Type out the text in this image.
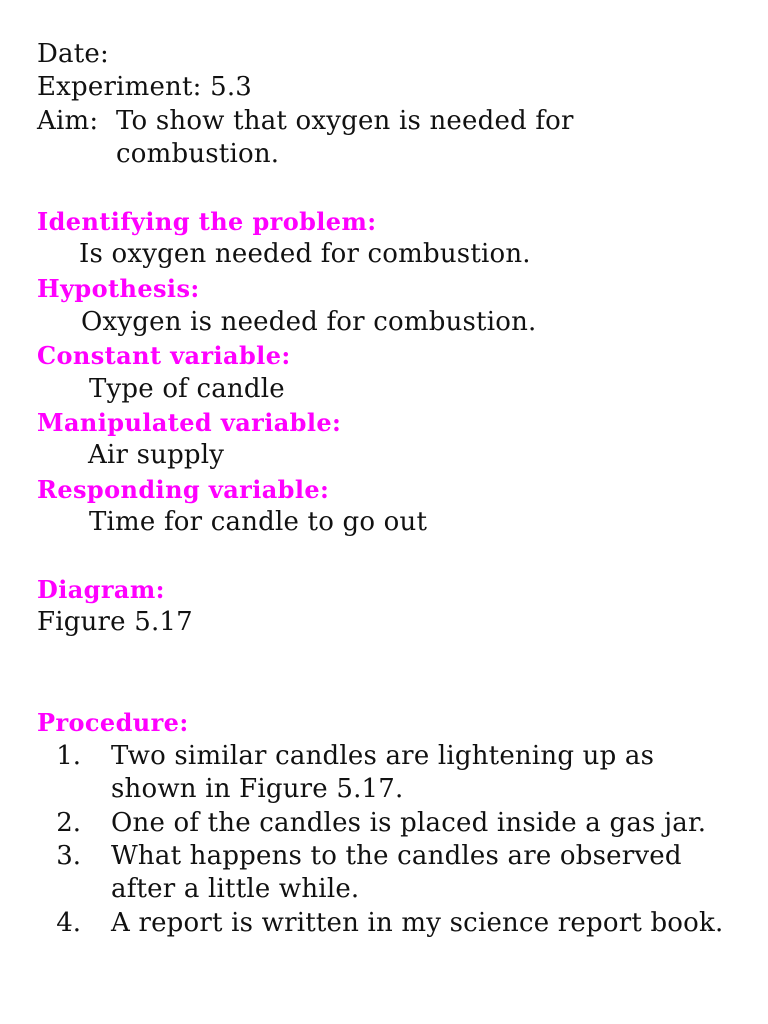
Date:
Experiment: 5.3
Aim: To show that oxygen is needed for
combustion.
Identifying the problem:
Is oxygen needed for combustion.
Hypothesis:
Oxygen is needed for combustion.
Constant variable:
Type of candle
Manipulated variable:
Air supply
Responding variable:
Time for candle to go out
Diagram:
Figure 5.17
Procedure:
1. Two similar candles are lightening up as
shown in Figure 5.17.
2. One of the candles is placed inside a gas jar.
3. What happens to the candles are observed
after a little while.
4. A report is written in my science report book.
